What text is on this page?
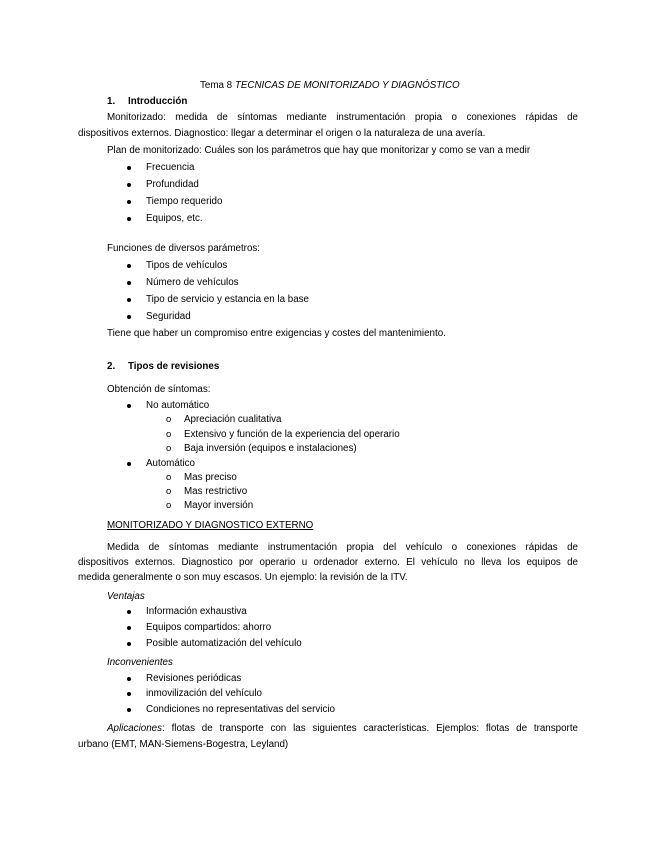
Tema 8 TECNICAS DE MONITORIZADO Y DIAGNÓSTICO
1. Introducción
Monitorizado: medida de síntomas mediante instrumentación propia o conexiones rápidas de
dispositivos externos. Diagnostico: llegar a determinar el origen o la naturaleza de una avería.
Plan de monitorizado: Cuáles son los parámetros que hay que monitorizar y como se van a medir
Frecuencia
Profundidad
Tiempo requerido
Equipos, etc.
Funciones de diversos parámetros:
Tipos de vehículos
Número de vehículos
Tipo de servicio y estancia en la base
Seguridad
Tiene que haber un compromiso entre exigencias y costes del mantenimiento.
2. Tipos de revisiones
Obtención de síntomas:
No automático
o Apreciación cualitativa
o Extensivo y función de la experiencia del operario
o Baja inversión (equipos e instalaciones)
Automático
o Mas preciso
o Mas restrictivo
o Mayor inversión
MONITORIZADO Y DIAGNOSTICO EXTERNO
Medida de síntomas mediante instrumentación propia del vehículo o conexiones rápidas de
dispositivos externos. Diagnostico por operario u ordenador externo. El vehículo no lleva los equipos de
medida generalmente o son muy escasos. Un ejemplo: la revisión de la ITV.
Ventajas
Información exhaustiva
Equipos compartidos: ahorro
Posible automatización del vehículo
Inconvenientes
Revisiones periódicas
inmovilización del vehículo
Condiciones no representativas del servicio
Aplicaciones: flotas de transporte con las siguientes características. Ejemplos: flotas de transporte
urbano (EMT, MAN-Siemens-Bogestra, Leyland)
